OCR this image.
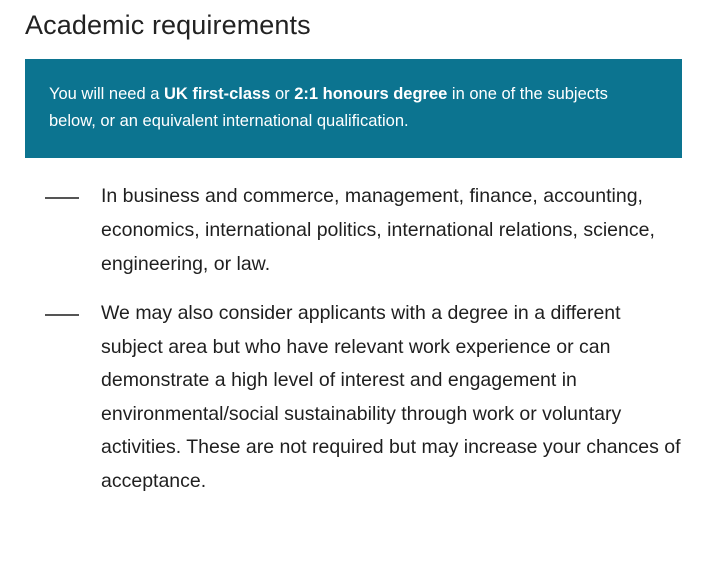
Academic requirements
You will need a UK first-class or 2:1 honours degree in one of the subjects below, or an equivalent international qualification.
In business and commerce, management, finance, accounting, economics, international politics, international relations, science, engineering, or law.
We may also consider applicants with a degree in a different subject area but who have relevant work experience or can demonstrate a high level of interest and engagement in environmental/social sustainability through work or voluntary activities. These are not required but may increase your chances of acceptance.
